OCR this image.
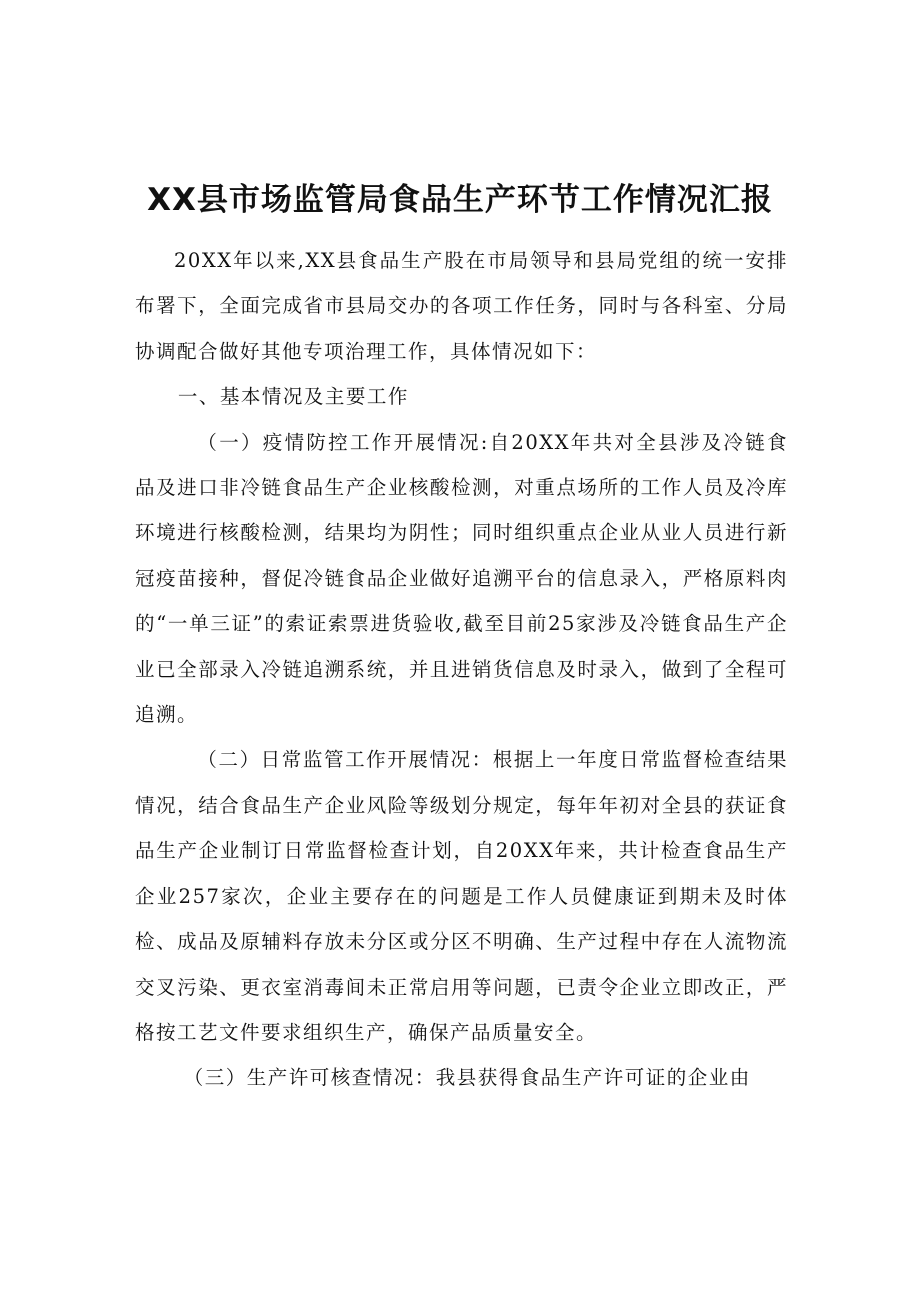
XX县市场监管局食品生产环节工作情况汇报

20XX年以来,XX县食品生产股在市局领导和县局党组的统一安排布署下，全面完成省市县局交办的各项工作任务，同时与各科室、分局协调配合做好其他专项治理工作，具体情况如下：

一、基本情况及主要工作

（一）疫情防控工作开展情况:自20XX年共对全县涉及冷链食品及进口非冷链食品生产企业核酸检测，对重点场所的工作人员及冷库环境进行核酸检测，结果均为阴性；同时组织重点企业从业人员进行新冠疫苗接种，督促冷链食品企业做好追溯平台的信息录入，严格原料肉的“一单三证”的索证索票进货验收,截至目前25家涉及冷链食品生产企业已全部录入冷链追溯系统，并且进销货信息及时录入，做到了全程可追溯。

（二）日常监管工作开展情况：根据上一年度日常监督检查结果情况，结合食品生产企业风险等级划分规定，每年年初对全县的获证食品生产企业制订日常监督检查计划，自20XX年来，共计检查食品生产企业257家次，企业主要存在的问题是工作人员健康证到期未及时体检、成品及原辅料存放未分区或分区不明确、生产过程中存在人流物流交叉污染、更衣室消毒间未正常启用等问题，已责令企业立即改正，严格按工艺文件要求组织生产，确保产品质量安全。

（三）生产许可核查情况：我县获得食品生产许可证的企业由
